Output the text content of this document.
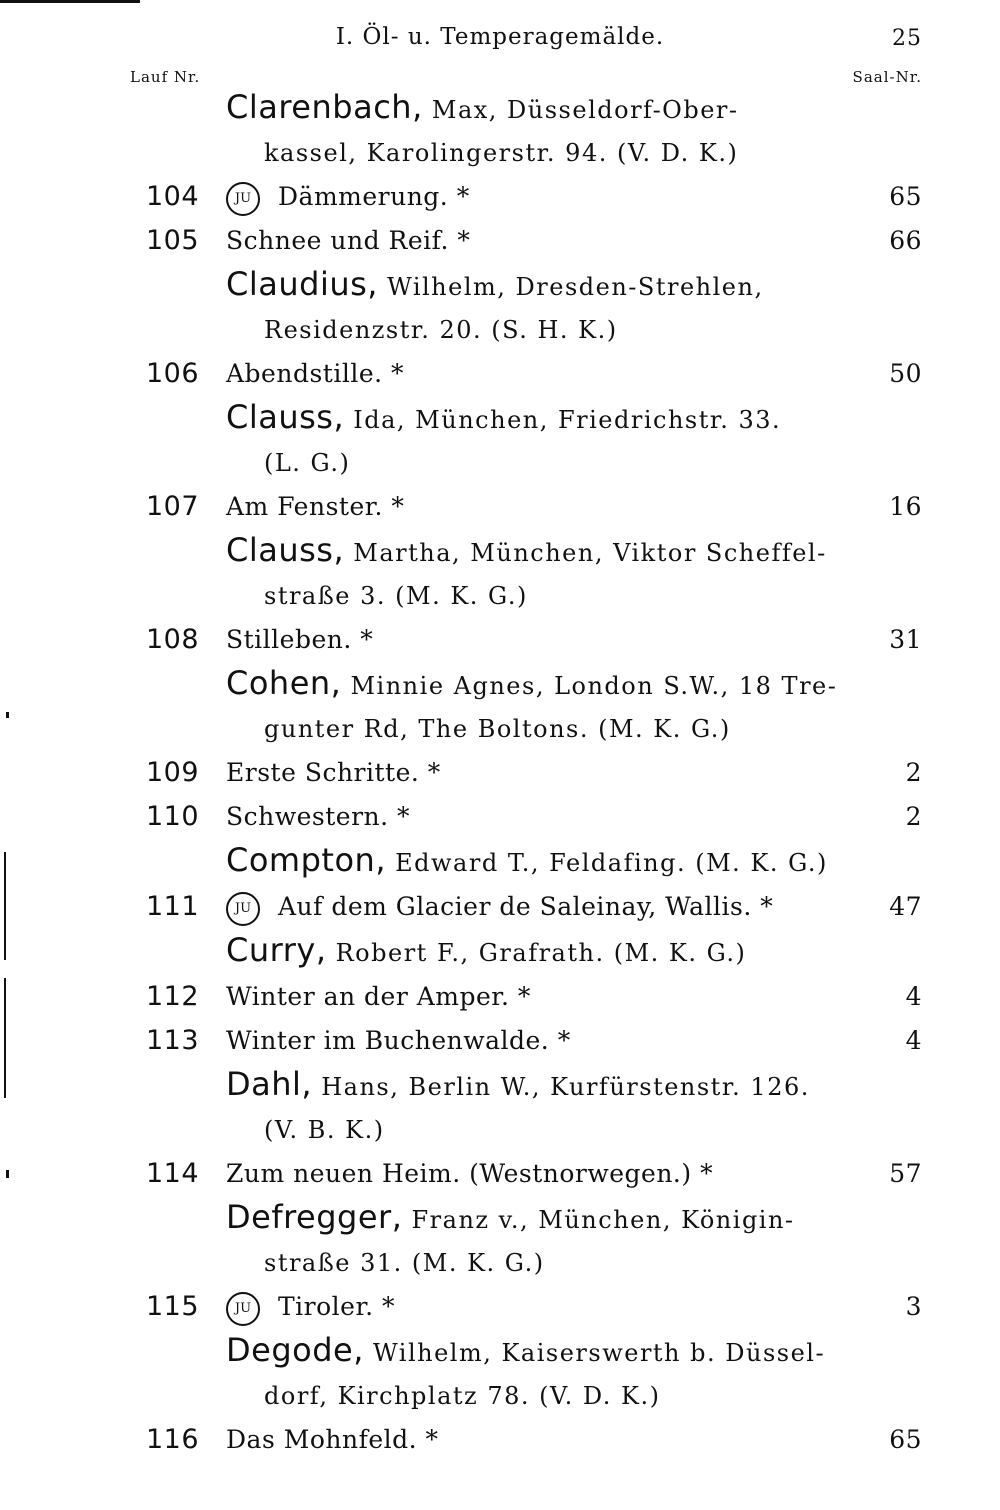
I. Öl- u. Temperagemälde.	25
Lauf Nr.	Saal-Nr.
Clarenbach, Max, Düsseldorf-Ober-
kassel, Karolingerstr. 94. (V. D. K.)
104	JU Dämmerung. *	65
105 Schnee und Reif. *	66
Claudius, Wilhelm, Dresden-Strehlen,
Residenzstr. 20. (S. H. K.)
106 Abendstille. *	50
Clauss, Ida, München, Friedrichstr. 33.
(L. G.)
107 Am Fenster. *	16
Clauss, Martha, München, Viktor Scheffel-
straße 3. (M. K. G.)
108 Stilleben. *	31
Cohen, Minnie Agnes, London S.W., 18 Tre-
gunter Rd, The Boltons. (M. K. G.)
109 Erste Schritte. *	2
110 Schwestern. *	2
Compton, Edward T., Feldafing. (M. K. G.)
111	JU Auf dem Glacier de Saleinay, Wallis. *	47
Curry, Robert F., Grafrath. (M. K. G.)
112 Winter an der Amper. *	4
113 Winter im Buchenwalde. *	4
Dahl, Hans, Berlin W., Kurfürstenstr. 126.
(V. B. K.)
114 Zum neuen Heim. (Westnorwegen.) *	57
Defregger, Franz v., München, Königin-
straße 31. (M. K. G.)
115	JU Tiroler. *	3
Degode, Wilhelm, Kaiserswerth b. Düssel-
dorf, Kirchplatz 78. (V. D. K.)
116 Das Mohnfeld. *	65
